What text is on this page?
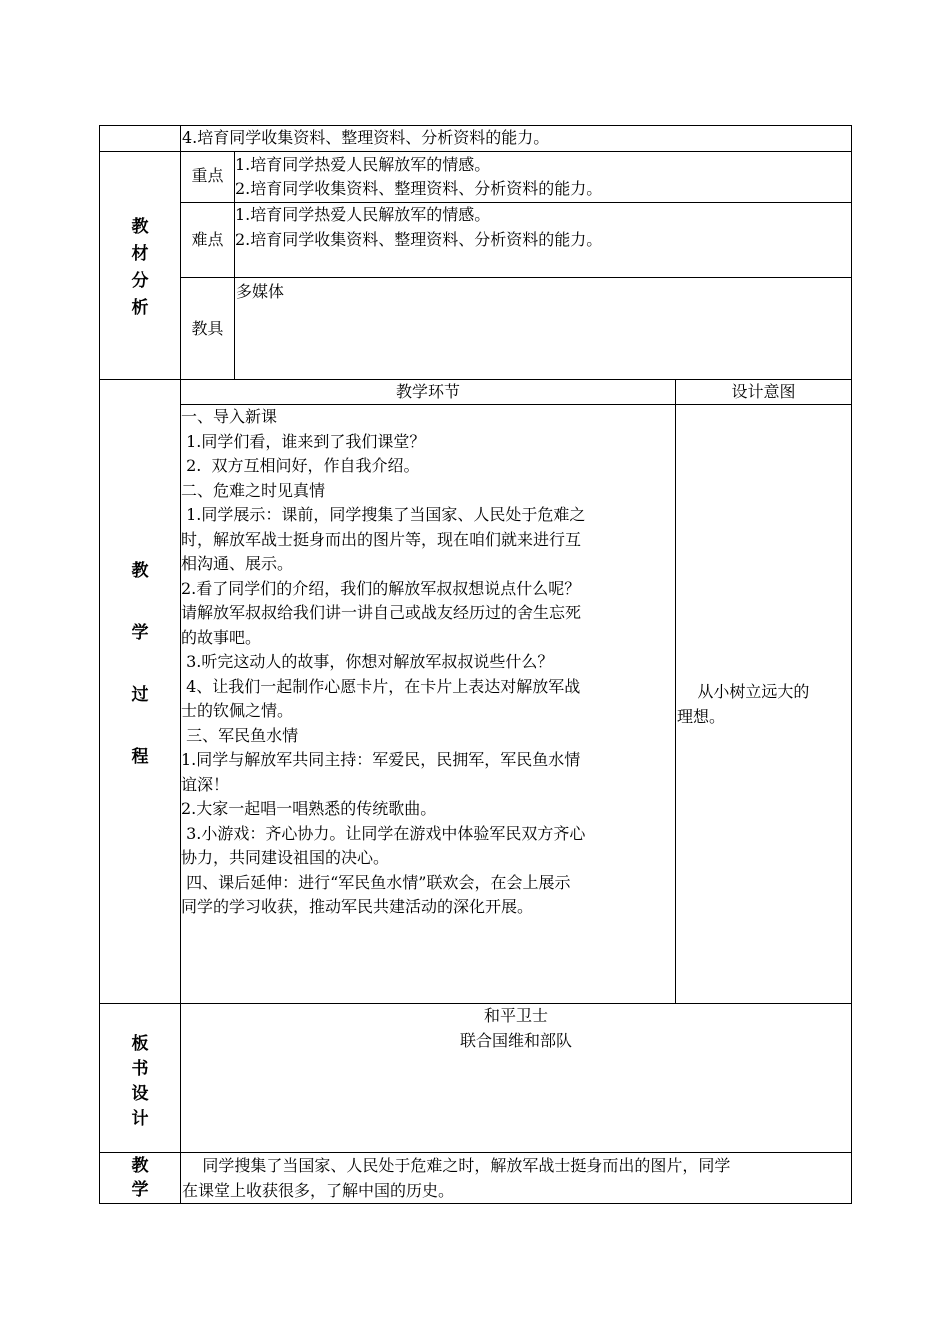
4.培育同学收集资料、整理资料、分析资料的能力。
教
材
分
析
重点
1.培育同学热爱人民解放军的情感。
2.培育同学收集资料、整理资料、分析资料的能力。
难点
1.培育同学热爱人民解放军的情感。
2.培育同学收集资料、整理资料、分析资料的能力。
教具
多媒体
教
学
过
程
教学环节	设计意图
一、导入新课
1.同学们看，谁来到了我们课堂？
2.  双方互相问好，作自我介绍。
二、危难之时见真情
1.同学展示：课前，同学搜集了当国家、人民处于危难之
时，解放军战士挺身而出的图片等，现在咱们就来进行互
相沟通、展示。
2.看了同学们的介绍，我们的解放军叔叔想说点什么呢？
请解放军叔叔给我们讲一讲自己或战友经历过的舍生忘死
的故事吧。
3.听完这动人的故事，你想对解放军叔叔说些什么？
4、让我们一起制作心愿卡片，在卡片上表达对解放军战
士的钦佩之情。
三、军民鱼水情
1.同学与解放军共同主持：军爱民，民拥军，军民鱼水情
谊深！
2.大家一起唱一唱熟悉的传统歌曲。
3.小游戏：齐心协力。让同学在游戏中体验军民双方齐心
协力，共同建设祖国的决心。
四、课后延伸：进行“军民鱼水情”联欢会，在会上展示
同学的学习收获，推动军民共建活动的深化开展。
从小树立远大的
理想。
板
书
设
计
和平卫士
联合国维和部队
教
学
同学搜集了当国家、人民处于危难之时，解放军战士挺身而出的图片，同学
在课堂上收获很多，了解中国的历史。
